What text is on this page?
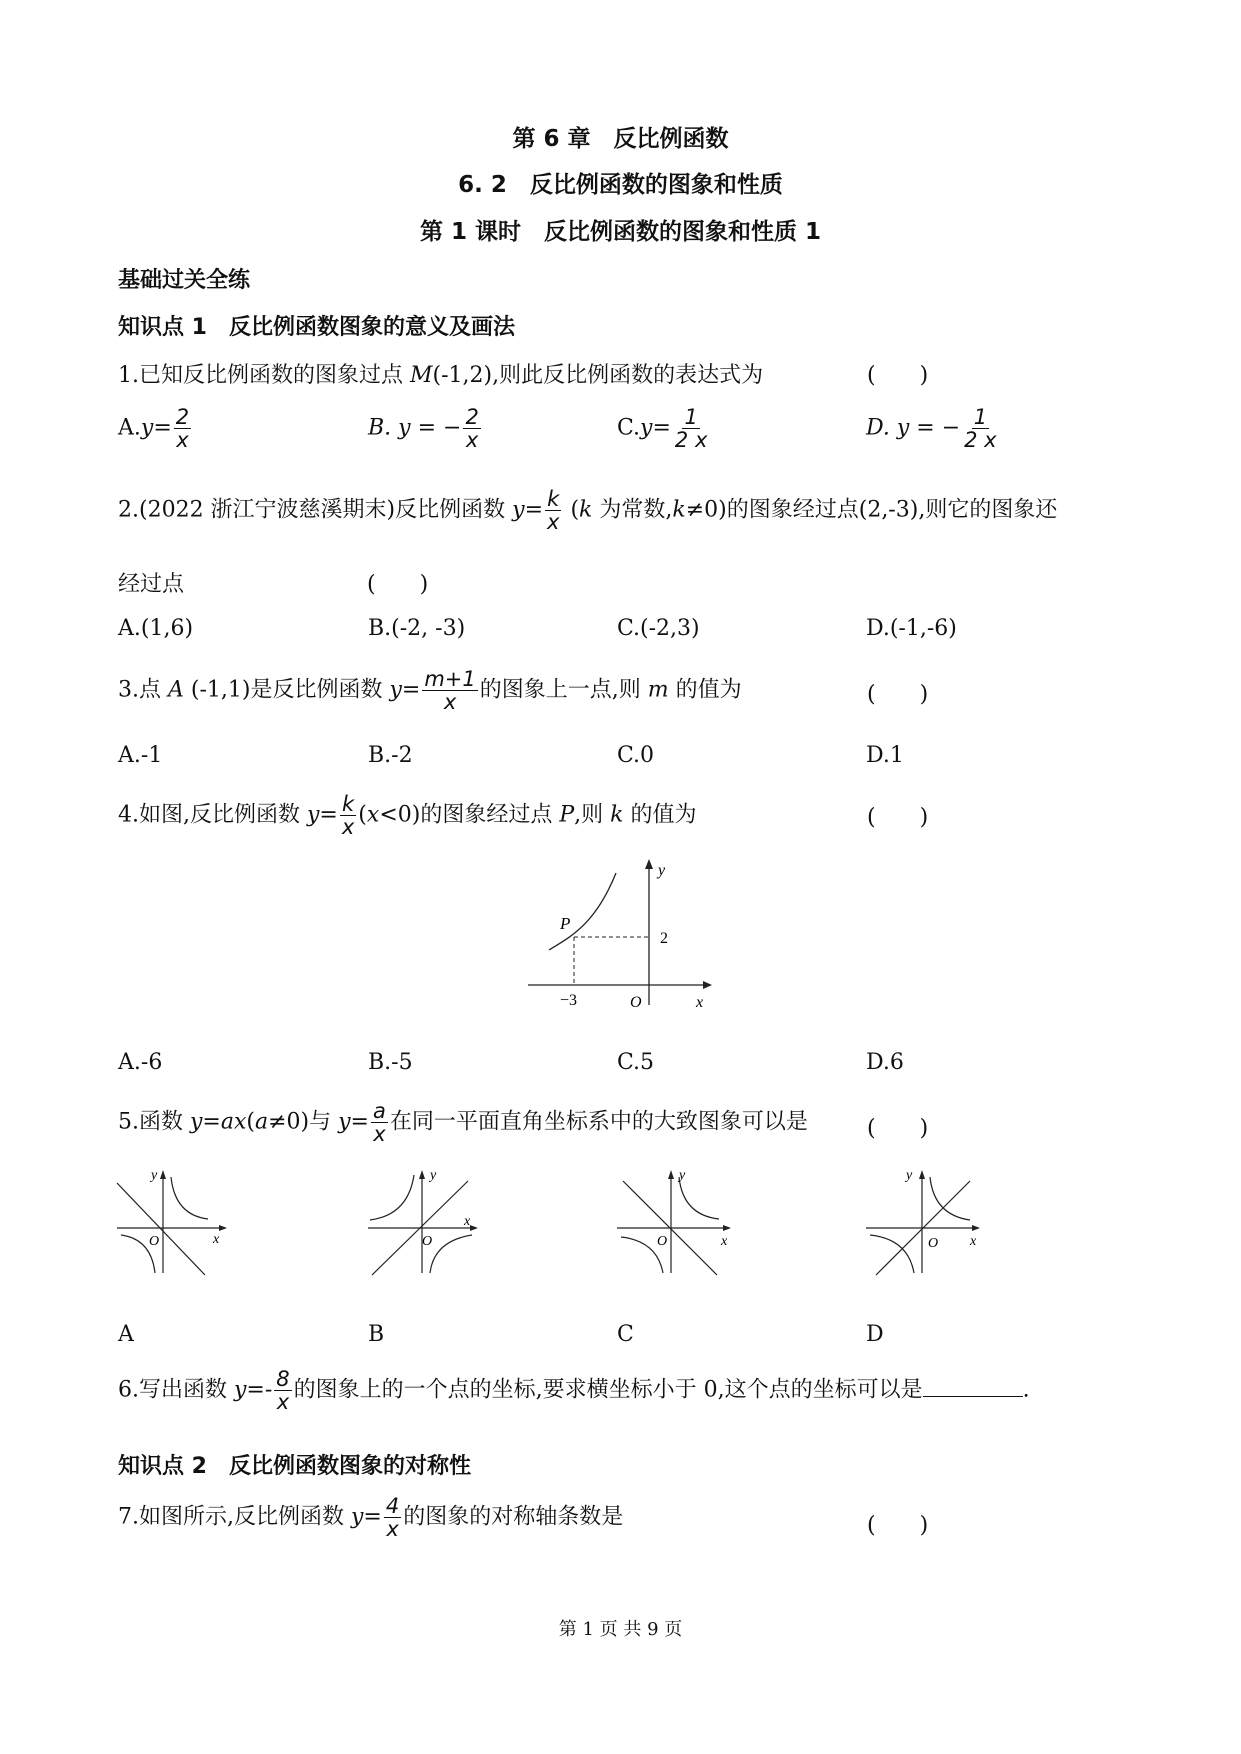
第 6 章　反比例函数
6. 2　反比例函数的图象和性质
第 1 课时　反比例函数的图象和性质 1
基础过关全练
知识点 1　反比例函数图象的意义及画法
1.已知反比例函数的图象过点 M(-1,2),则此反比例函数的表达式为	(　　)
$A.y= \frac{2}{x}$	B. y = − $\frac{2}{x}$	$C.y= \frac{1}{2 x}$	D. y = − $\frac{1}{2 x}$
2.(2022 浙江宁波慈溪期末)反比例函数 $y= \frac{k}{x} (k$ 为常数,k≠0)的图象经过点(2,-3),则它的图象还
经过点	(　　)
A.(1,6)	B.(-2, -3)	C.(-2,3)	D.(-1,-6)
3.点 A (-1,1)是反比例函数 $y= \frac{m+1}{x}$ 的图象上一点,则 m 的值为	(　　)
A.-1	B.-2	C.0	D.1
4.如图,反比例函数 $y= \frac{k}{x} (x<0)$的图象经过点 P,则 k 的值为	(　　)
y
x
P
2
−3	O
A.-6	B.-5	C.5	D.6
5.函数 y=ax(a≠0)与 $y= \frac{a}{x}$ 在同一平面直角坐标系中的大致图象可以是	(　　)
y
x
O
y
x
O
y
x
O
y
x
O
A	B	C	D
6.写出函数 $y=- \frac{8}{x}$ 的图象上的一个点的坐标,要求横坐标小于 0,这个点的坐标可以是	.
知识点 2　反比例函数图象的对称性
7.如图所示,反比例函数 $y= \frac{4}{x}$ 的图象的对称轴条数是	(　　)
第 1 页 共 9 页
